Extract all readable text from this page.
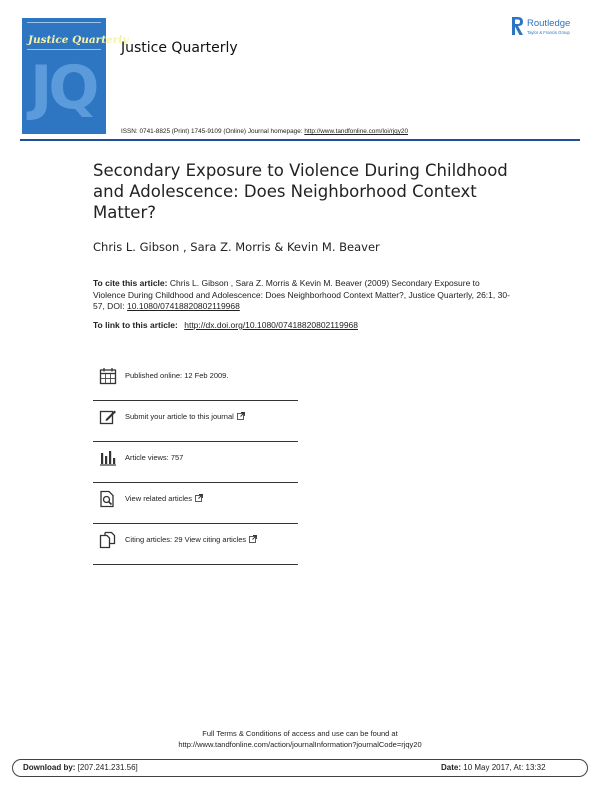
Justice Quarterly
JQ
Justice Quarterly
Routledge
Taylor & Francis Group
ISSN: 0741-8825 (Print) 1745-9109 (Online) Journal homepage: http://www.tandfonline.com/loi/rjqy20
Secondary Exposure to Violence During Childhood and Adolescence: Does Neighborhood Context Matter?
Chris L. Gibson , Sara Z. Morris & Kevin M. Beaver
To cite this article: Chris L. Gibson , Sara Z. Morris & Kevin M. Beaver (2009) Secondary Exposure to Violence During Childhood and Adolescence: Does Neighborhood Context Matter?, Justice Quarterly, 26:1, 30-57, DOI: 10.1080/07418820802119968
To link to this article: http://dx.doi.org/10.1080/07418820802119968
Published online: 12 Feb 2009.
Submit your article to this journal
Article views: 757
View related articles
Citing articles: 29 View citing articles
Full Terms & Conditions of access and use can be found at
http://www.tandfonline.com/action/journalInformation?journalCode=rjqy20
Download by: [207.241.231.56]	Date: 10 May 2017, At: 13:32
